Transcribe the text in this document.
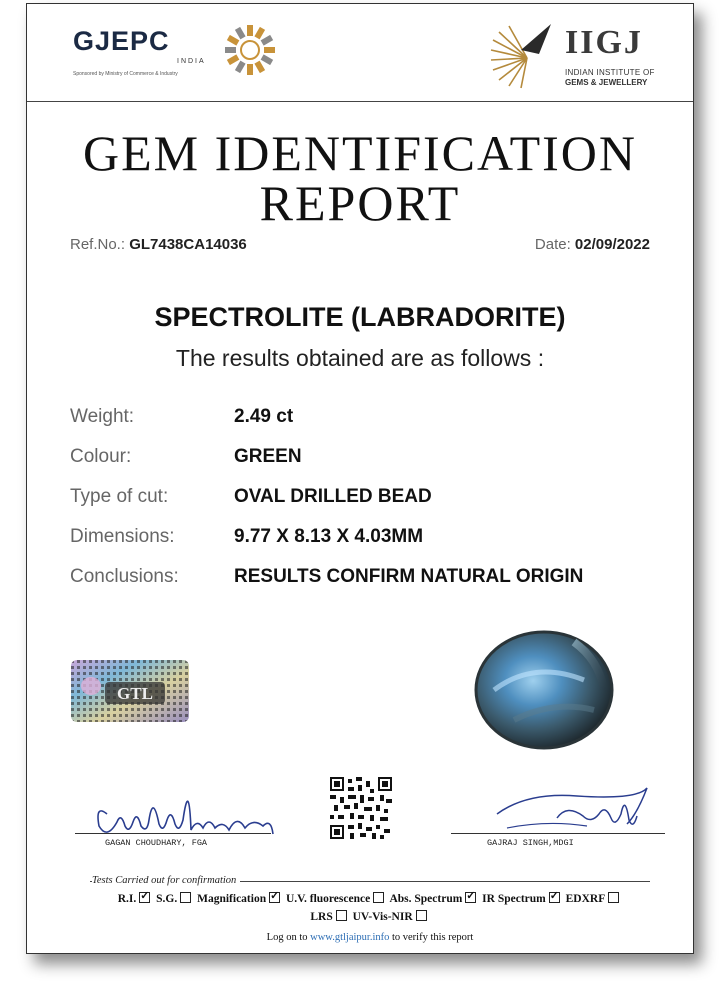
GJEPC
INDIA
Sponsored by Ministry of Commerce & Industry
IIGJ
INDIAN INSTITUTE OF
GEMS & JEWELLERY
GEM IDENTIFICATION
REPORT
Ref.No.: GL7438CA14036	Date: 02/09/2022
SPECTROLITE (LABRADORITE)
The results obtained are as follows :
Weight:	2.49 ct
Colour:	GREEN
Type of cut:	OVAL DRILLED BEAD
Dimensions:	9.77 X 8.13 X 4.03MM
Conclusions:	RESULTS CONFIRM NATURAL ORIGIN
GTL
GAGAN CHOUDHARY, FGA	GAJRAJ SINGH,MDGI
Tests Carried out for confirmation
R.I. ✓ S.G. Magnification ✓ U.V. fluorescence Abs. Spectrum ✓ IR Spectrum ✓ EDXRF
LRS UV-Vis-NIR
Log on to www.gtljaipur.info to verify this report
